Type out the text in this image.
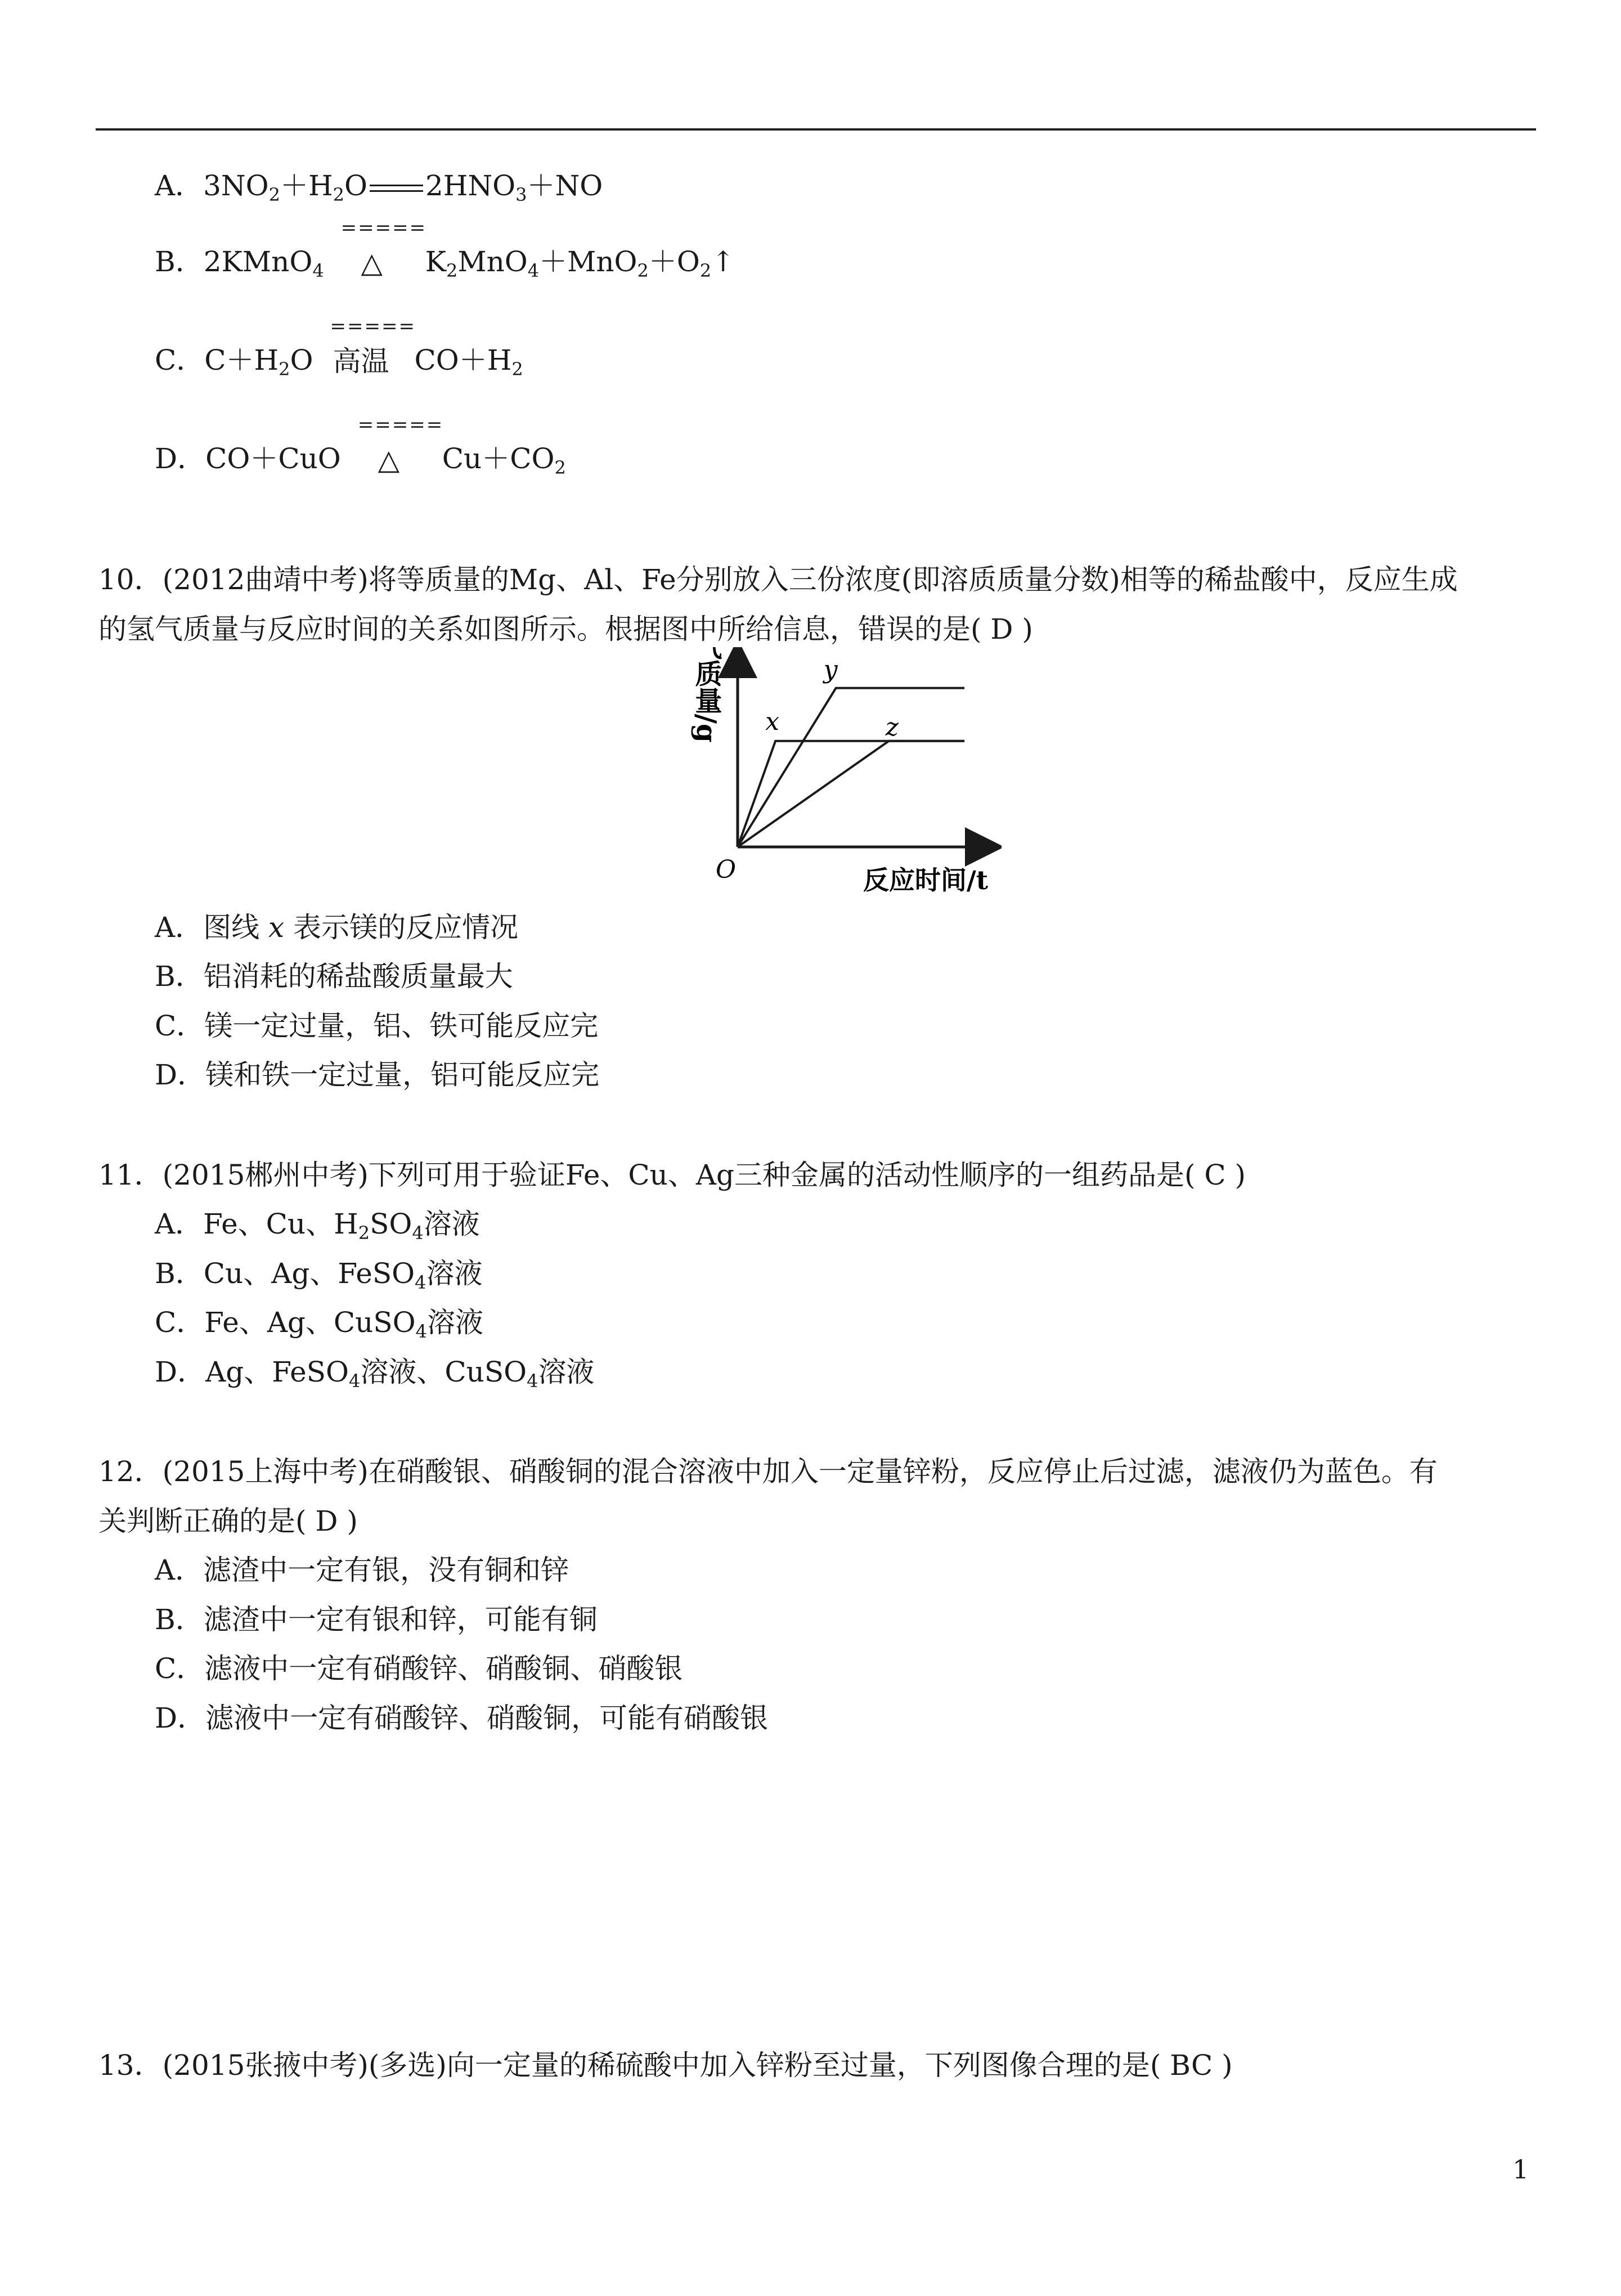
A．$3NO_2+H_2O$ $2HNO_3+NO$
B．2KMnO$_4$
=====
△	$K_2MnO_4+MnO_2+O_2↑$
C．$C+H_2O$
=====
高温 $CO+H_2$
D．CO＋CuO
=====
△	$Cu+CO_2$
10．(2012曲靖中考)将等质量的Mg、Al、Fe分别放入三份浓度(即溶质质量分数)相等的稀盐酸中，反应生成
的氢气质量与反应时间的关系如图所示。根据图中所给信息，错误的是( D )
x
y
z
氢气质量/g
O	反应时间/t
A．图线 x 表示镁的反应情况
B．铝消耗的稀盐酸质量最大
C．镁一定过量，铝、铁可能反应完
D．镁和铁一定过量，铝可能反应完
11．(2015郴州中考)下列可用于验证Fe、Cu、Ag三种金属的活动性顺序的一组药品是( C )
A．Fe、Cu、$H_2SO_4$溶液
B．Cu、Ag、FeSO$_4$溶液
C．Fe、Ag、CuSO$_4$溶液
D．Ag、FeSO$_4$溶液、CuSO$_4$溶液
12．(2015上海中考)在硝酸银、硝酸铜的混合溶液中加入一定量锌粉，反应停止后过滤，滤液仍为蓝色。有
关判断正确的是( D )
A．滤渣中一定有银，没有铜和锌
B．滤渣中一定有银和锌，可能有铜
C．滤液中一定有硝酸锌、硝酸铜、硝酸银
D．滤液中一定有硝酸锌、硝酸铜，可能有硝酸银
13．(2015张掖中考)(多选)向一定量的稀硫酸中加入锌粉至过量，下列图像合理的是( BC )
1
